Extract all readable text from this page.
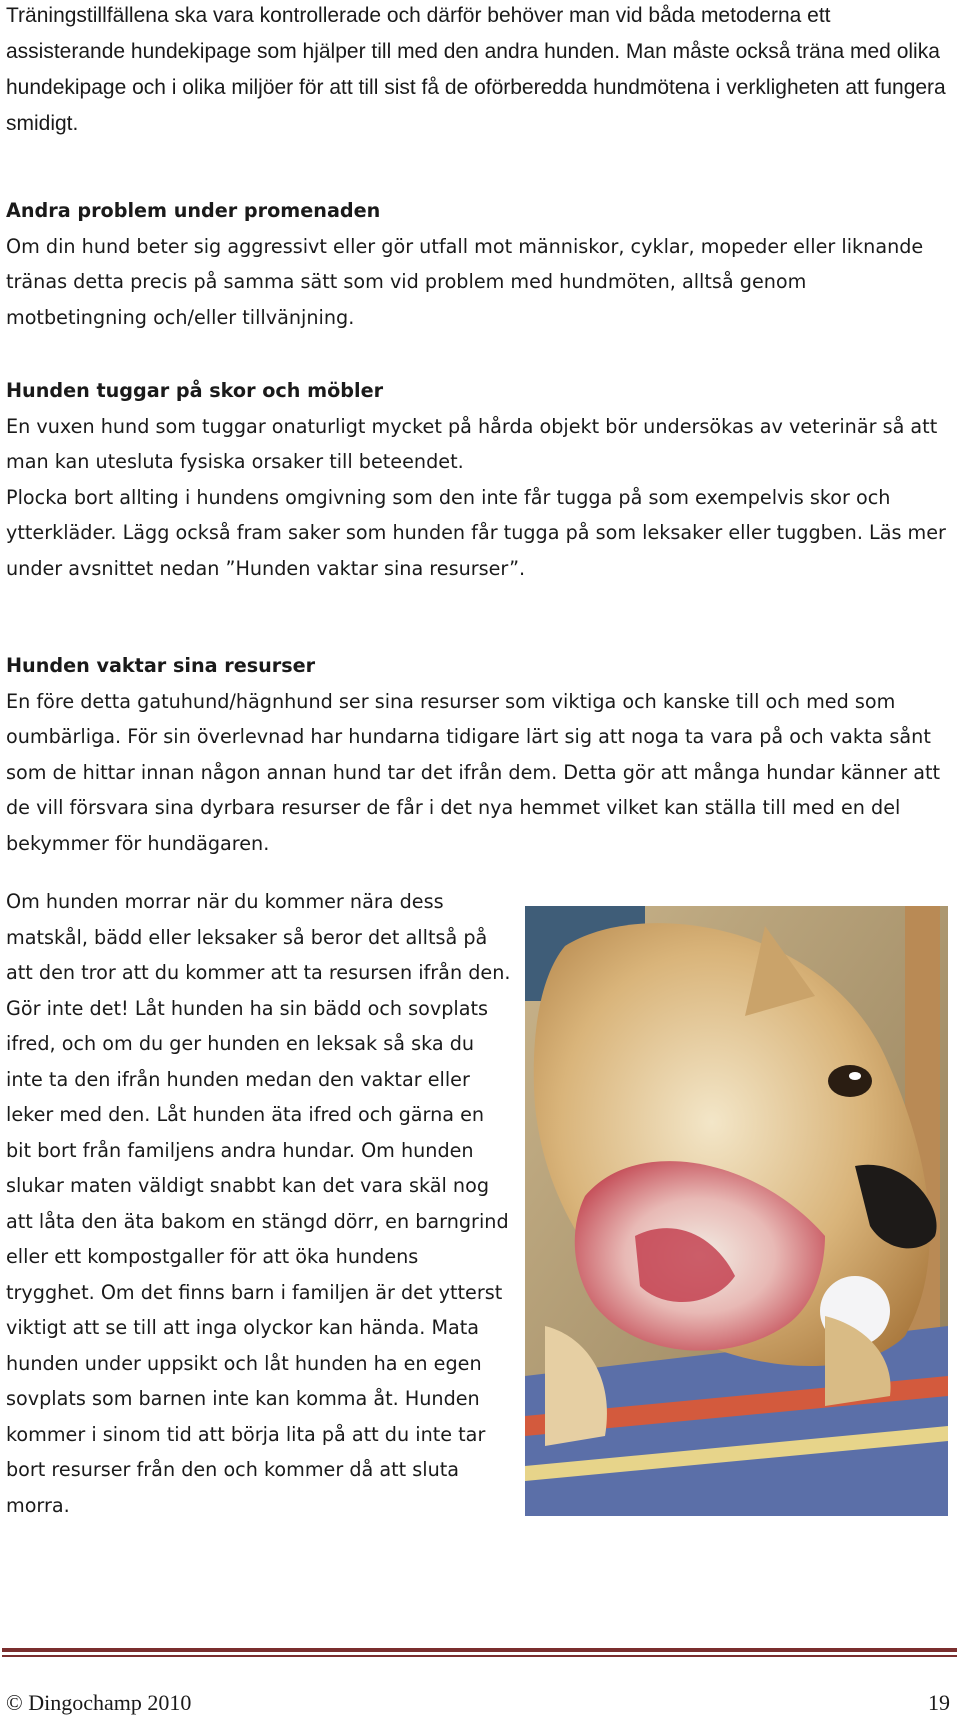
Träningstillfällena ska vara kontrollerade och därför behöver man vid båda metoderna ett assisterande hundekipage som hjälper till med den andra hunden. Man måste också träna med olika hundekipage och i olika miljöer för att till sist få de oförberedda hundmötena i verkligheten att fungera smidigt.

Andra problem under promenaden

Om din hund beter sig aggressivt eller gör utfall mot människor, cyklar, mopeder eller liknande tränas detta precis på samma sätt som vid problem med hundmöten, alltså genom motbetingning och/eller tillvänjning.

Hunden tuggar på skor och möbler

En vuxen hund som tuggar onaturligt mycket på hårda objekt bör undersökas av veterinär så att man kan utesluta fysiska orsaker till beteendet.

Plocka bort allting i hundens omgivning som den inte får tugga på som exempelvis skor och ytterkläder. Lägg också fram saker som hunden får tugga på som leksaker eller tuggben. Läs mer under avsnittet nedan ”Hunden vaktar sina resurser”.

Hunden vaktar sina resurser

En före detta gatuhund/hägnhund ser sina resurser som viktiga och kanske till och med som oumbärliga. För sin överlevnad har hundarna tidigare lärt sig att noga ta vara på och vakta sånt som de hittar innan någon annan hund tar det ifrån dem. Detta gör att många hundar känner att de vill försvara sina dyrbara resurser de får i det nya hemmet vilket kan ställa till med en del bekymmer för hundägaren.

Om hunden morrar när du kommer nära dess matskål, bädd eller leksaker så beror det alltså på att den tror att du kommer att ta resursen ifrån den. Gör inte det! Låt hunden ha sin bädd och sovplats ifred, och om du ger hunden en leksak så ska du inte ta den ifrån hunden medan den vaktar eller leker med den. Låt hunden äta ifred och gärna en bit bort från familjens andra hundar. Om hunden slukar maten väldigt snabbt kan det vara skäl nog att låta den äta bakom en stängd dörr, en barngrind eller ett kompostgaller för att öka hundens trygghet. Om det finns barn i familjen är det ytterst viktigt att se till att inga olyckor kan hända. Mata hunden under uppsikt och låt hunden ha en egen sovplats som barnen inte kan komma åt. Hunden kommer i sinom tid att börja lita på att du inte tar bort resurser från den och kommer då att sluta morra.

© Dingochamp 2010	19
